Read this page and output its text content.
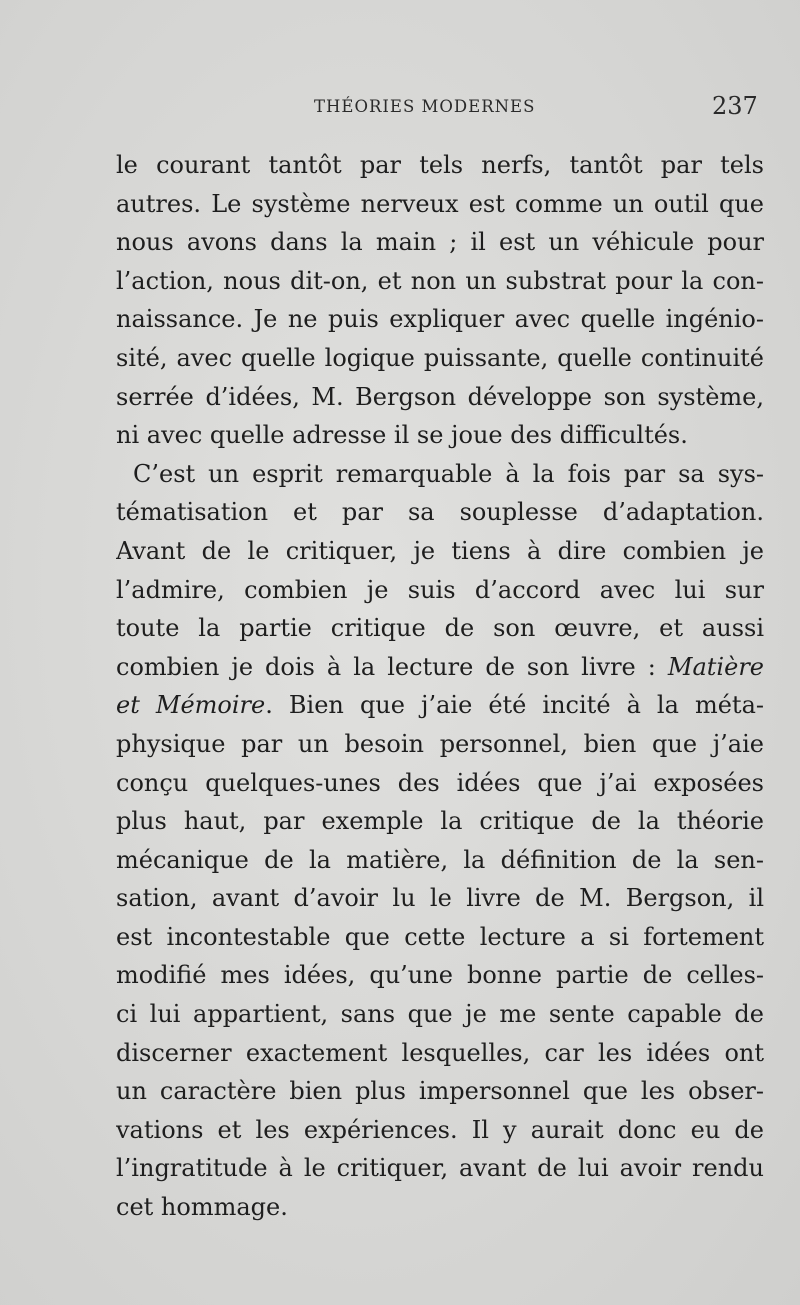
THÉORIES MODERNES	237
le courant tantôt par tels nerfs, tantôt par tels
autres. Le système nerveux est comme un outil que
nous avons dans la main ; il est un véhicule pour
l’action, nous dit-on, et non un substrat pour la con-
naissance. Je ne puis expliquer avec quelle ingénio-
sité, avec quelle logique puissante, quelle continuité
serrée d’idées, M. Bergson développe son système,
ni avec quelle adresse il se joue des difficultés.
C’est un esprit remarquable à la fois par sa sys-
tématisation et par sa souplesse d’adaptation.
Avant de le critiquer, je tiens à dire combien je
l’admire, combien je suis d’accord avec lui sur
toute la partie critique de son œuvre, et aussi
combien je dois à la lecture de son livre : Matière
et Mémoire. Bien que j’aie été incité à la méta-
physique par un besoin personnel, bien que j’aie
conçu quelques-unes des idées que j’ai exposées
plus haut, par exemple la critique de la théorie
mécanique de la matière, la définition de la sen-
sation, avant d’avoir lu le livre de M. Bergson, il
est incontestable que cette lecture a si fortement
modifié mes idées, qu’une bonne partie de celles-
ci lui appartient, sans que je me sente capable de
discerner exactement lesquelles, car les idées ont
un caractère bien plus impersonnel que les obser-
vations et les expériences. Il y aurait donc eu de
l’ingratitude à le critiquer, avant de lui avoir rendu
cet hommage.
